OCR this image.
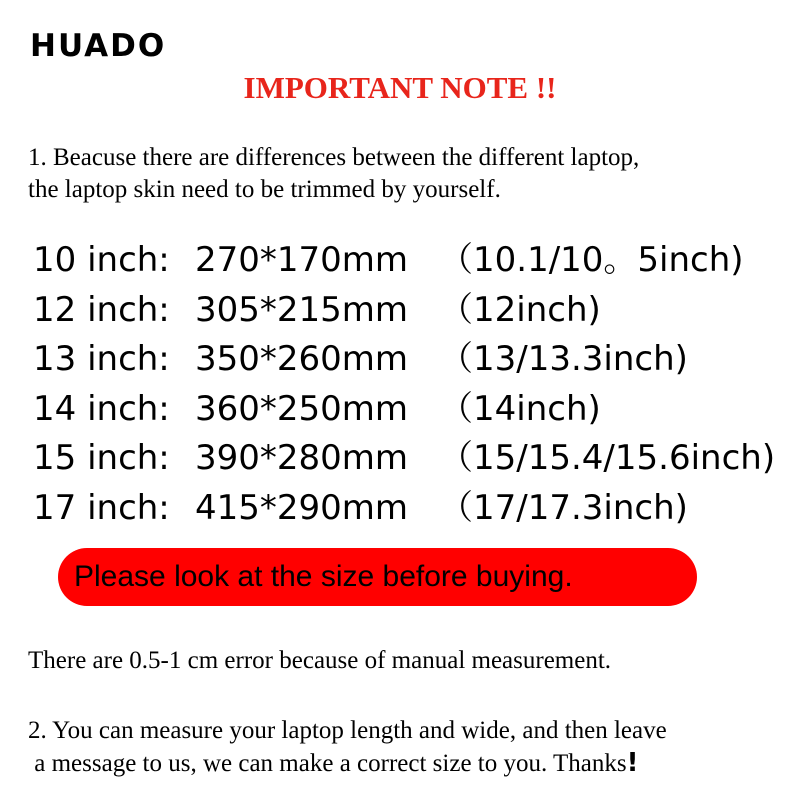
HUADO
IMPORTANT NOTE !!

1. Beacuse there are differences between the different laptop,
the laptop skin need to be trimmed by yourself.

10 inch: 270*170mm （10.1/10。5inch)
12 inch: 305*215mm （12inch)
13 inch: 350*260mm （13/13.3inch)
14 inch: 360*250mm （14inch)
15 inch: 390*280mm （15/15.4/15.6inch)
17 inch: 415*290mm （17/17.3inch)
Please look at the size before buying.

There are 0.5-1 cm error because of manual measurement.

2. You can measure your laptop length and wide, and then leave
a message to us, we can make a correct size to you. Thanks!
